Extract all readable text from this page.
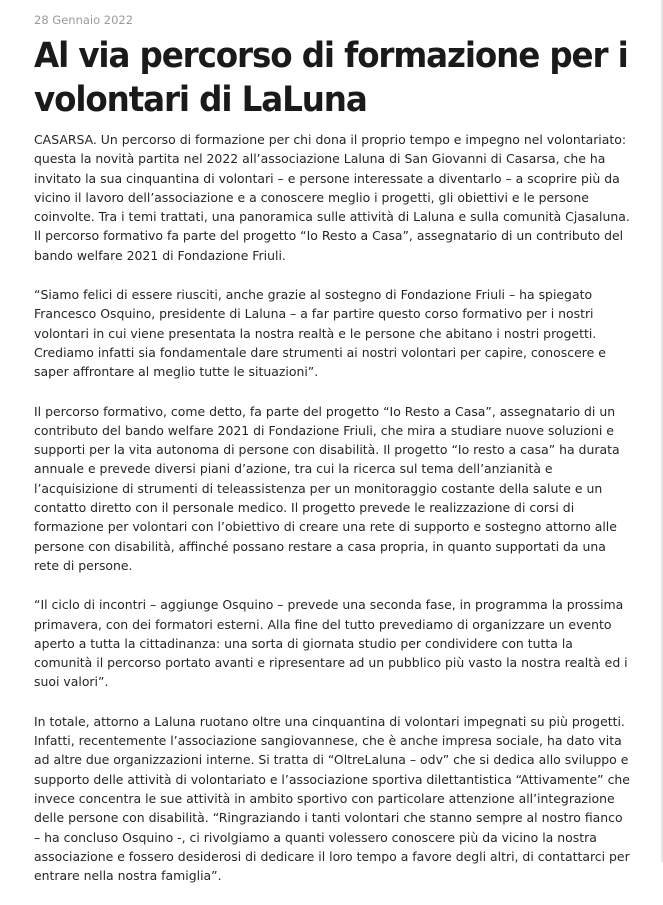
28 Gennaio 2022

Al via percorso di formazione per i volontari di LaLuna

CASARSA. Un percorso di formazione per chi dona il proprio tempo e impegno nel volontariato: questa la novità partita nel 2022 all’associazione Laluna di San Giovanni di Casarsa, che ha invitato la sua cinquantina di volontari – e persone interessate a diventarlo – a scoprire più da vicino il lavoro dell’associazione e a conoscere meglio i progetti, gli obiettivi e le persone coinvolte. Tra i temi trattati, una panoramica sulle attività di Laluna e sulla comunità Cjasaluna. Il percorso formativo fa parte del progetto “Io Resto a Casa”, assegnatario di un contributo del bando welfare 2021 di Fondazione Friuli.

“Siamo felici di essere riusciti, anche grazie al sostegno di Fondazione Friuli – ha spiegato Francesco Osquino, presidente di Laluna – a far partire questo corso formativo per i nostri volontari in cui viene presentata la nostra realtà e le persone che abitano i nostri progetti. Crediamo infatti sia fondamentale dare strumenti ai nostri volontari per capire, conoscere e saper affrontare al meglio tutte le situazioni”.

Il percorso formativo, come detto, fa parte del progetto “Io Resto a Casa”, assegnatario di un contributo del bando welfare 2021 di Fondazione Friuli, che mira a studiare nuove soluzioni e supporti per la vita autonoma di persone con disabilità. Il progetto “Io resto a casa” ha durata annuale e prevede diversi piani d’azione, tra cui la ricerca sul tema dell’anzianità e l’acquisizione di strumenti di teleassistenza per un monitoraggio costante della salute e un contatto diretto con il personale medico. Il progetto prevede le realizzazione di corsi di formazione per volontari con l’obiettivo di creare una rete di supporto e sostegno attorno alle persone con disabilità, affinché possano restare a casa propria, in quanto supportati da una rete di persone.

“Il ciclo di incontri – aggiunge Osquino – prevede una seconda fase, in programma la prossima primavera, con dei formatori esterni. Alla fine del tutto prevediamo di organizzare un evento aperto a tutta la cittadinanza: una sorta di giornata studio per condividere con tutta la comunità il percorso portato avanti e ripresentare ad un pubblico più vasto la nostra realtà ed i suoi valori”.

In totale, attorno a Laluna ruotano oltre una cinquantina di volontari impegnati su più progetti. Infatti, recentemente l’associazione sangiovannese, che è anche impresa sociale, ha dato vita ad altre due organizzazioni interne. Si tratta di “OltreLaluna – odv” che si dedica allo sviluppo e supporto delle attività di volontariato e l’associazione sportiva dilettantistica “Attivamente” che invece concentra le sue attività in ambito sportivo con particolare attenzione all’integrazione delle persone con disabilità. “Ringraziando i tanti volontari che stanno sempre al nostro fianco – ha concluso Osquino -, ci rivolgiamo a quanti volessero conoscere più da vicino la nostra associazione e fossero desiderosi di dedicare il loro tempo a favore degli altri, di contattarci per entrare nella nostra famiglia”.
